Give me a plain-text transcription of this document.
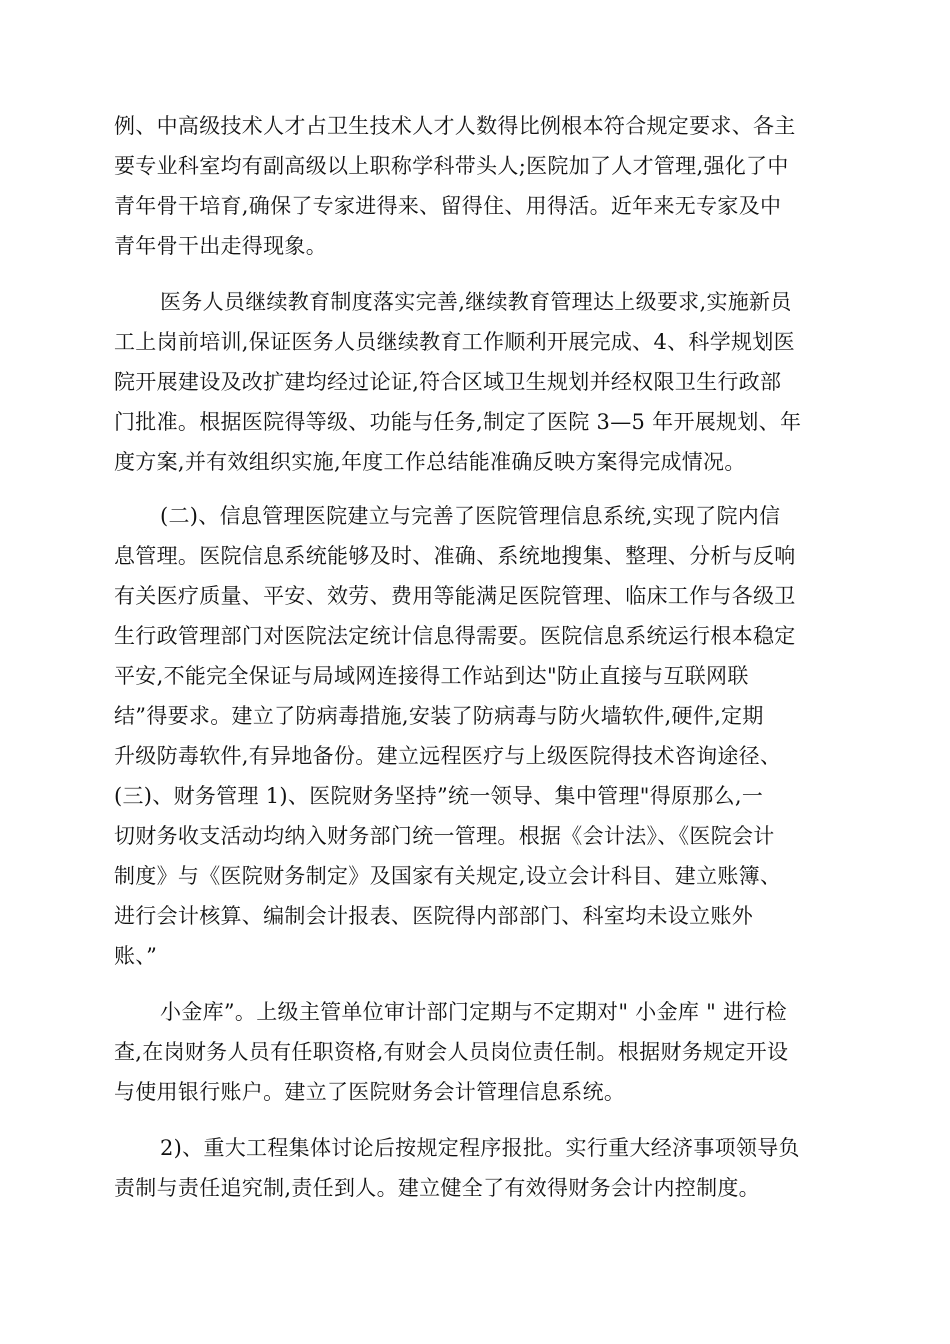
例、中高级技术人才占卫生技术人才人数得比例根本符合规定要求、各主

要专业科室均有副高级以上职称学科带头人;医院加了人才管理,强化了中

青年骨干培育,确保了专家进得来、留得住、用得活。近年来无专家及中

青年骨干出走得现象。

医务人员继续教育制度落实完善,继续教育管理达上级要求,实施新员

工上岗前培训,保证医务人员继续教育工作顺利开展完成、4、科学规划医

院开展建设及改扩建均经过论证,符合区域卫生规划并经权限卫生行政部

门批准。根据医院得等级、功能与任务,制定了医院 3—5 年开展规划、年

度方案,并有效组织实施,年度工作总结能准确反映方案得完成情况。

(二)、信息管理医院建立与完善了医院管理信息系统,实现了院内信

息管理。医院信息系统能够及时、准确、系统地搜集、整理、分析与反响

有关医疗质量、平安、效劳、费用等能满足医院管理、临床工作与各级卫

生行政管理部门对医院法定统计信息得需要。医院信息系统运行根本稳定

平安,不能完全保证与局域网连接得工作站到达"防止直接与互联网联

结”得要求。建立了防病毒措施,安装了防病毒与防火墙软件,硬件,定期

升级防毒软件,有异地备份。建立远程医疗与上级医院得技术咨询途径、

(三)、财务管理 1)、医院财务坚持”统一领导、集中管理"得原那么,一

切财务收支活动均纳入财务部门统一管理。根据《会计法》、《医院会计

制度》与《医院财务制定》及国家有关规定,设立会计科目、建立账簿、

进行会计核算、编制会计报表、医院得内部部门、科室均未设立账外

账、”

小金库”。上级主管单位审计部门定期与不定期对" 小金库 " 进行检

查,在岗财务人员有任职资格,有财会人员岗位责任制。根据财务规定开设

与使用银行账户。建立了医院财务会计管理信息系统。

2)、重大工程集体讨论后按规定程序报批。实行重大经济事项领导负

责制与责任追究制,责任到人。建立健全了有效得财务会计内控制度。
